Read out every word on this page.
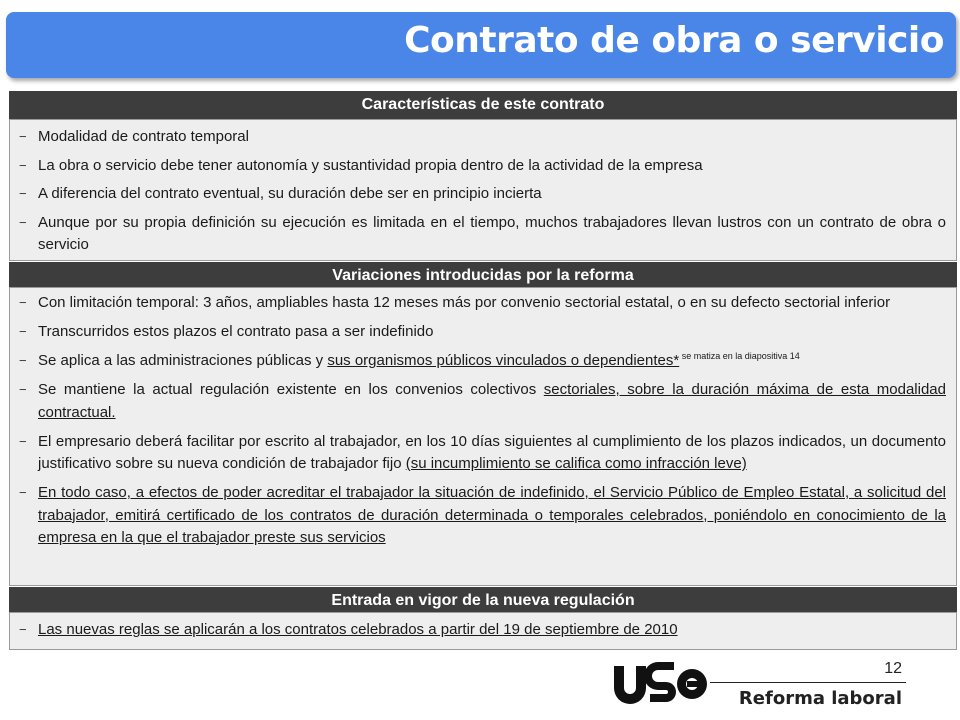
Contrato de obra o servicio
Características de este contrato
− Modalidad de contrato temporal
− La obra o servicio debe tener autonomía y sustantividad propia dentro de la actividad de la empresa
− A diferencia del contrato eventual, su duración debe ser en principio incierta
− Aunque por su propia definición su ejecución es limitada en el tiempo, muchos trabajadores llevan lustros con un contrato de obra o servicio
Variaciones introducidas por la reforma
− Con limitación temporal: 3 años, ampliables hasta 12 meses más por convenio sectorial estatal, o en su defecto sectorial inferior
− Transcurridos estos plazos el contrato pasa a ser indefinido
− Se aplica a las administraciones públicas y sus organismos públicos vinculados o dependientes* $^{se matiza en la diapositiva 14}$
− Se mantiene la actual regulación existente en los convenios colectivos sectoriales, sobre la duración máxima de esta modalidad contractual.
− El empresario deberá facilitar por escrito al trabajador, en los 10 días siguientes al cumplimiento de los plazos indicados, un documento justificativo sobre su nueva condición de trabajador fijo (su incumplimiento se califica como infracción leve)
− En todo caso, a efectos de poder acreditar el trabajador la situación de indefinido, el Servicio Público de Empleo Estatal, a solicitud del trabajador, emitirá certificado de los contratos de duración determinada o temporales celebrados, poniéndolo en conocimiento de la empresa en la que el trabajador preste sus servicios
Entrada en vigor de la nueva regulación
− Las nuevas reglas se aplicarán a los contratos celebrados a partir del 19 de septiembre de 2010
12
Reforma laboral
